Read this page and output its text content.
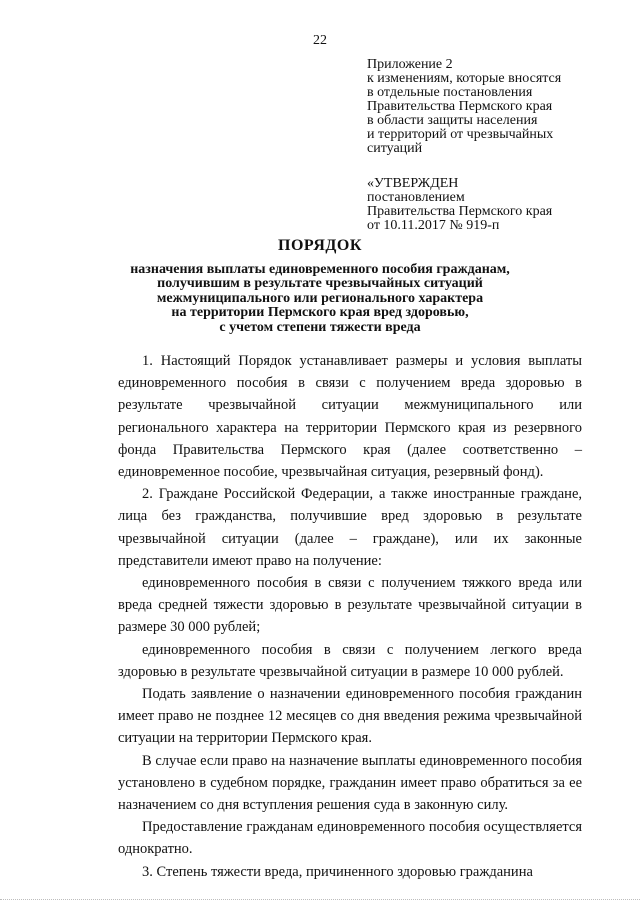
22
Приложение 2
к изменениям, которые вносятся
в отдельные постановления
Правительства Пермского края
в области защиты населения
и территорий от чрезвычайных
ситуаций
«УТВЕРЖДЕН
постановлением
Правительства Пермского края
от 10.11.2017 № 919-п
ПОРЯДОК
назначения выплаты единовременного пособия гражданам,
получившим в результате чрезвычайных ситуаций
межмуниципального или регионального характера
на территории Пермского края вред здоровью,
с учетом степени тяжести вреда

1. Настоящий Порядок устанавливает размеры и условия выплаты единовременного пособия в связи с получением вреда здоровью в результате чрезвычайной ситуации межмуниципального или регионального характера на территории Пермского края из резервного фонда Правительства Пермского края (далее соответственно – единовременное пособие, чрезвычайная ситуация, резервный фонд).

2. Граждане Российской Федерации, а также иностранные граждане, лица без гражданства, получившие вред здоровью в результате чрезвычайной ситуации (далее – граждане), или их законные представители имеют право на получение:

единовременного пособия в связи с получением тяжкого вреда или вреда средней тяжести здоровью в результате чрезвычайной ситуации в размере 30 000 рублей;

единовременного пособия в связи с получением легкого вреда здоровью в результате чрезвычайной ситуации в размере 10 000 рублей.

Подать заявление о назначении единовременного пособия гражданин имеет право не позднее 12 месяцев со дня введения режима чрезвычайной ситуации на территории Пермского края.

В случае если право на назначение выплаты единовременного пособия установлено в судебном порядке, гражданин имеет право обратиться за ее назначением со дня вступления решения суда в законную силу.

Предоставление гражданам единовременного пособия осуществляется однократно.

3. Степень тяжести вреда, причиненного здоровью гражданина
